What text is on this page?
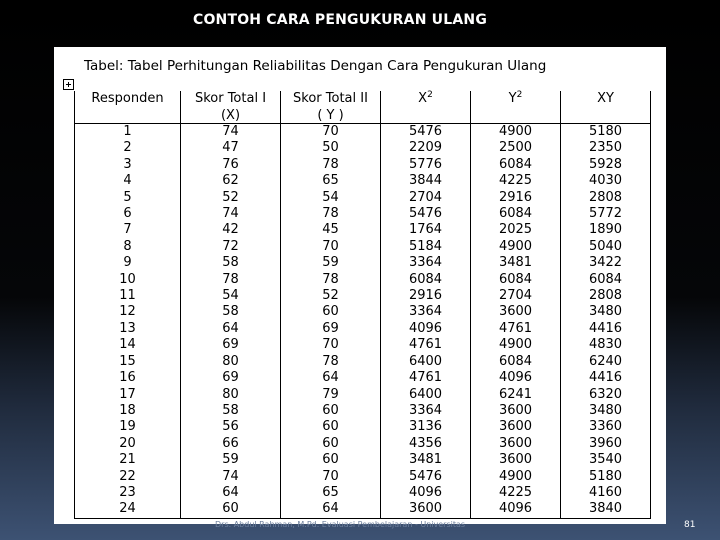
CONTOH CARA PENGUKURAN ULANG
Tabel: Tabel Perhitungan Reliabilitas Dengan Cara Pengukuran Ulang
Responden	Skor Total I	Skor Total II	$X^2$	$Y^2$	XY
	(X)	( Y )			
1	74	70	5476	4900	5180
2	47	50	2209	2500	2350
3	76	78	5776	6084	5928
4	62	65	3844	4225	4030
5	52	54	2704	2916	2808
6	74	78	5476	6084	5772
7	42	45	1764	2025	1890
8	72	70	5184	4900	5040
9	58	59	3364	3481	3422
10	78	78	6084	6084	6084
11	54	52	2916	2704	2808
12	58	60	3364	3600	3480
13	64	69	4096	4761	4416
14	69	70	4761	4900	4830
15	80	78	6400	6084	6240
16	69	64	4761	4096	4416
17	80	79	6400	6241	6320
18	58	60	3364	3600	3480
19	56	60	3136	3600	3360
20	66	60	4356	3600	3960
21	59	60	3481	3600	3540
22	74	70	5476	4900	5180
23	64	65	4096	4225	4160
24	60	64	3600	4096	3840
Drs. Abdul Rahman, M.Pd. Evaluasi Pembelajaran - Universitas	81
